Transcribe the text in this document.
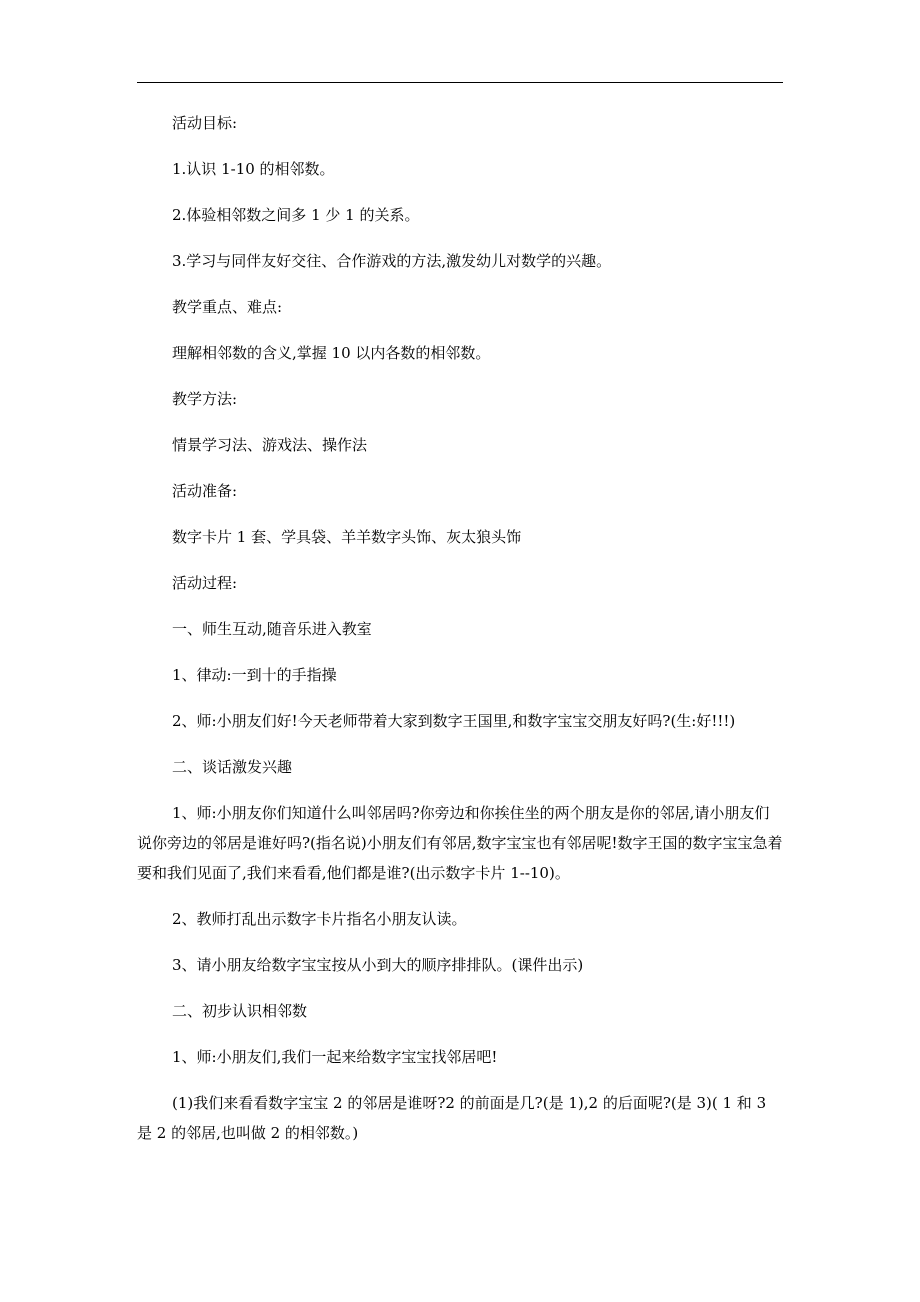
活动目标:

1.认识 1-10 的相邻数。

2.体验相邻数之间多 1 少 1 的关系。

3.学习与同伴友好交往、合作游戏的方法,激发幼儿对数学的兴趣。

教学重点、难点:

理解相邻数的含义,掌握 10 以内各数的相邻数。

教学方法:

情景学习法、游戏法、操作法

活动准备:

数字卡片 1 套、学具袋、羊羊数字头饰、灰太狼头饰

活动过程:

一、师生互动,随音乐进入教室

1、律动:一到十的手指操

2、师:小朋友们好!今天老师带着大家到数字王国里,和数字宝宝交朋友好吗?(生:好!!!)

二、谈话激发兴趣

1、师:小朋友你们知道什么叫邻居吗?你旁边和你挨住坐的两个朋友是你的邻居,请小朋友们说你旁边的邻居是谁好吗?(指名说)小朋友们有邻居,数字宝宝也有邻居呢!数字王国的数字宝宝急着要和我们见面了,我们来看看,他们都是谁?(出示数字卡片 1--10)。

2、教师打乱出示数字卡片指名小朋友认读。

3、请小朋友给数字宝宝按从小到大的顺序排排队。(课件出示)

二、初步认识相邻数

1、师:小朋友们,我们一起来给数字宝宝找邻居吧!

(1)我们来看看数字宝宝 2 的邻居是谁呀?2 的前面是几?(是 1),2 的后面呢?(是 3)( 1 和 3 是 2 的邻居,也叫做 2 的相邻数。)
